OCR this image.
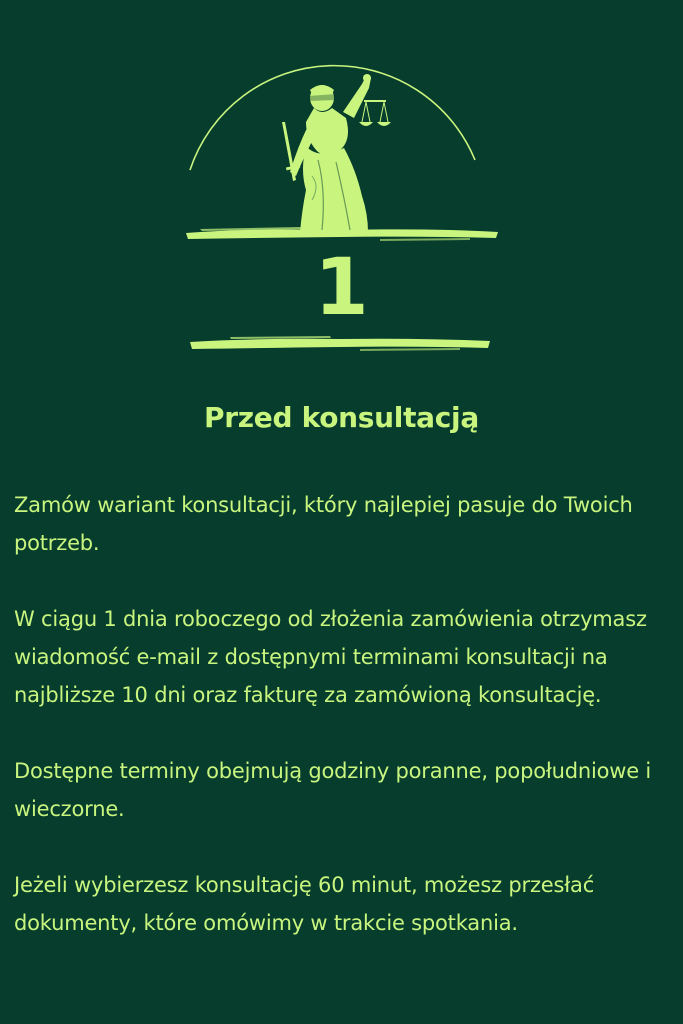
1
Przed konsultacją

Zamów wariant konsultacji, który najlepiej pasuje do Twoich potrzeb.

W ciągu 1 dnia roboczego od złożenia zamówienia otrzymasz wiadomość e-mail z dostępnymi terminami konsultacji na najbliższe 10 dni oraz fakturę za zamówioną konsultację.

Dostępne terminy obejmują godziny poranne, popołudniowe i wieczorne.

Jeżeli wybierzesz konsultację 60 minut, możesz przesłać dokumenty, które omówimy w trakcie spotkania.
